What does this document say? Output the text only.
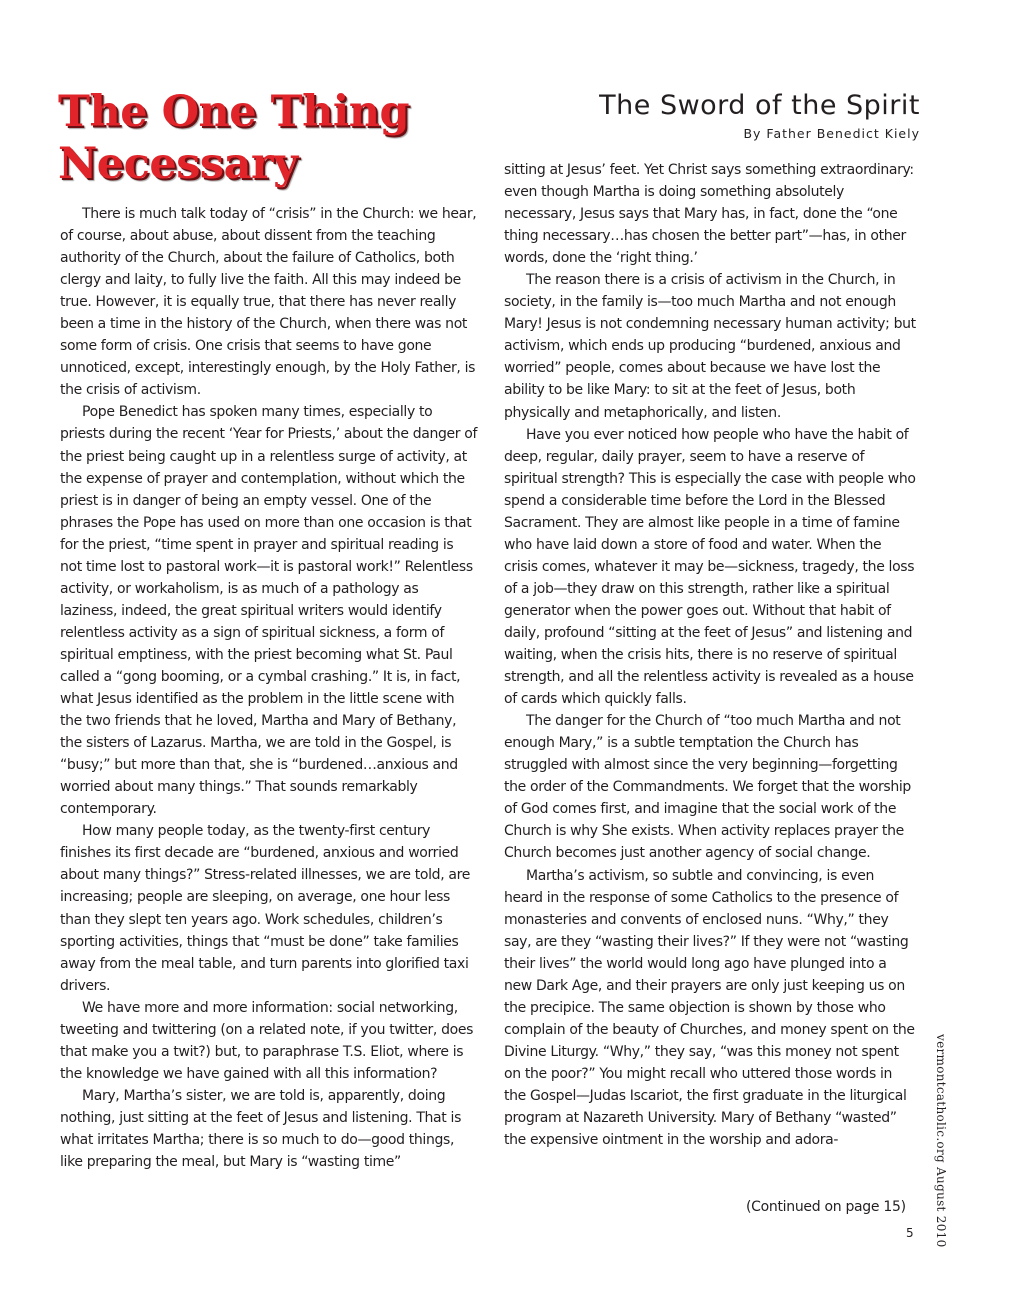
The One Thing Necessary
The Sword of the Spirit
By Father Benedict Kiely

There is much talk today of “crisis” in the Church: we hear, of course, about abuse, about dissent from the teaching authority of the Church, about the failure of Catholics, both clergy and laity, to fully live the faith. All this may indeed be true. However, it is equally true, that there has never really been a time in the history of the Church, when there was not some form of crisis. One crisis that seems to have gone unnoticed, except, interestingly enough, by the Holy Father, is the crisis of activism.

Pope Benedict has spoken many times, especially to priests during the recent ‘Year for Priests,’ about the danger of the priest being caught up in a relentless surge of activity, at the expense of prayer and contemplation, without which the priest is in danger of being an empty vessel. One of the phrases the Pope has used on more than one occasion is that for the priest, “time spent in prayer and spiritual reading is not time lost to pastoral work—it is pastoral work!” Relentless activity, or workaholism, is as much of a pathology as laziness, indeed, the great spiritual writers would identify relentless activity as a sign of spiritual sickness, a form of spiritual emptiness, with the priest becoming what St. Paul called a “gong booming, or a cymbal crashing.” It is, in fact, what Jesus identified as the problem in the little scene with the two friends that he loved, Martha and Mary of Bethany, the sisters of Lazarus. Martha, we are told in the Gospel, is “busy;” but more than that, she is “burdened…anxious and worried about many things.” That sounds remarkably contemporary.

How many people today, as the twenty-first century finishes its first decade are “burdened, anxious and worried about many things?” Stress-related illnesses, we are told, are increasing; people are sleeping, on average, one hour less than they slept ten years ago. Work schedules, children’s sporting activities, things that “must be done” take families away from the meal table, and turn parents into glorified taxi drivers.

We have more and more information: social networking, tweeting and twittering (on a related note, if you twitter, does that make you a twit?) but, to paraphrase T.S. Eliot, where is the knowledge we have gained with all this information?

Mary, Martha’s sister, we are told is, apparently, doing nothing, just sitting at the feet of Jesus and listening. That is what irritates Martha; there is so much to do—good things, like preparing the meal, but Mary is “wasting time”

sitting at Jesus’ feet. Yet Christ says something extraordinary: even though Martha is doing something absolutely necessary, Jesus says that Mary has, in fact, done the “one thing necessary…has chosen the better part”—has, in other words, done the ‘right thing.’

The reason there is a crisis of activism in the Church, in society, in the family is—too much Martha and not enough Mary! Jesus is not condemning necessary human activity; but activism, which ends up producing “burdened, anxious and worried” people, comes about because we have lost the ability to be like Mary: to sit at the feet of Jesus, both physically and metaphorically, and listen.

Have you ever noticed how people who have the habit of deep, regular, daily prayer, seem to have a reserve of spiritual strength? This is especially the case with people who spend a considerable time before the Lord in the Blessed Sacrament. They are almost like people in a time of famine who have laid down a store of food and water. When the crisis comes, whatever it may be—sickness, tragedy, the loss of a job—they draw on this strength, rather like a spiritual generator when the power goes out. Without that habit of daily, profound “sitting at the feet of Jesus” and listening and waiting, when the crisis hits, there is no reserve of spiritual strength, and all the relentless activity is revealed as a house of cards which quickly falls.

The danger for the Church of “too much Martha and not enough Mary,” is a subtle temptation the Church has struggled with almost since the very beginning—forgetting the order of the Commandments. We forget that the worship of God comes first, and imagine that the social work of the Church is why She exists. When activity replaces prayer the Church becomes just another agency of social change.

Martha’s activism, so subtle and convincing, is even heard in the response of some Catholics to the presence of monasteries and convents of enclosed nuns. “Why,” they say, are they “wasting their lives?” If they were not “wasting their lives” the world would long ago have plunged into a new Dark Age, and their prayers are only just keeping us on the precipice. The same objection is shown by those who complain of the beauty of Churches, and money spent on the Divine Liturgy. “Why,” they say, “was this money not spent on the poor?” You might recall who uttered those words in the Gospel—Judas Iscariot, the first graduate in the liturgical program at Nazareth University. Mary of Bethany “wasted” the expensive ointment in the worship and adora-

(Continued on page 15) vermontcatholic.org August 2010
5
